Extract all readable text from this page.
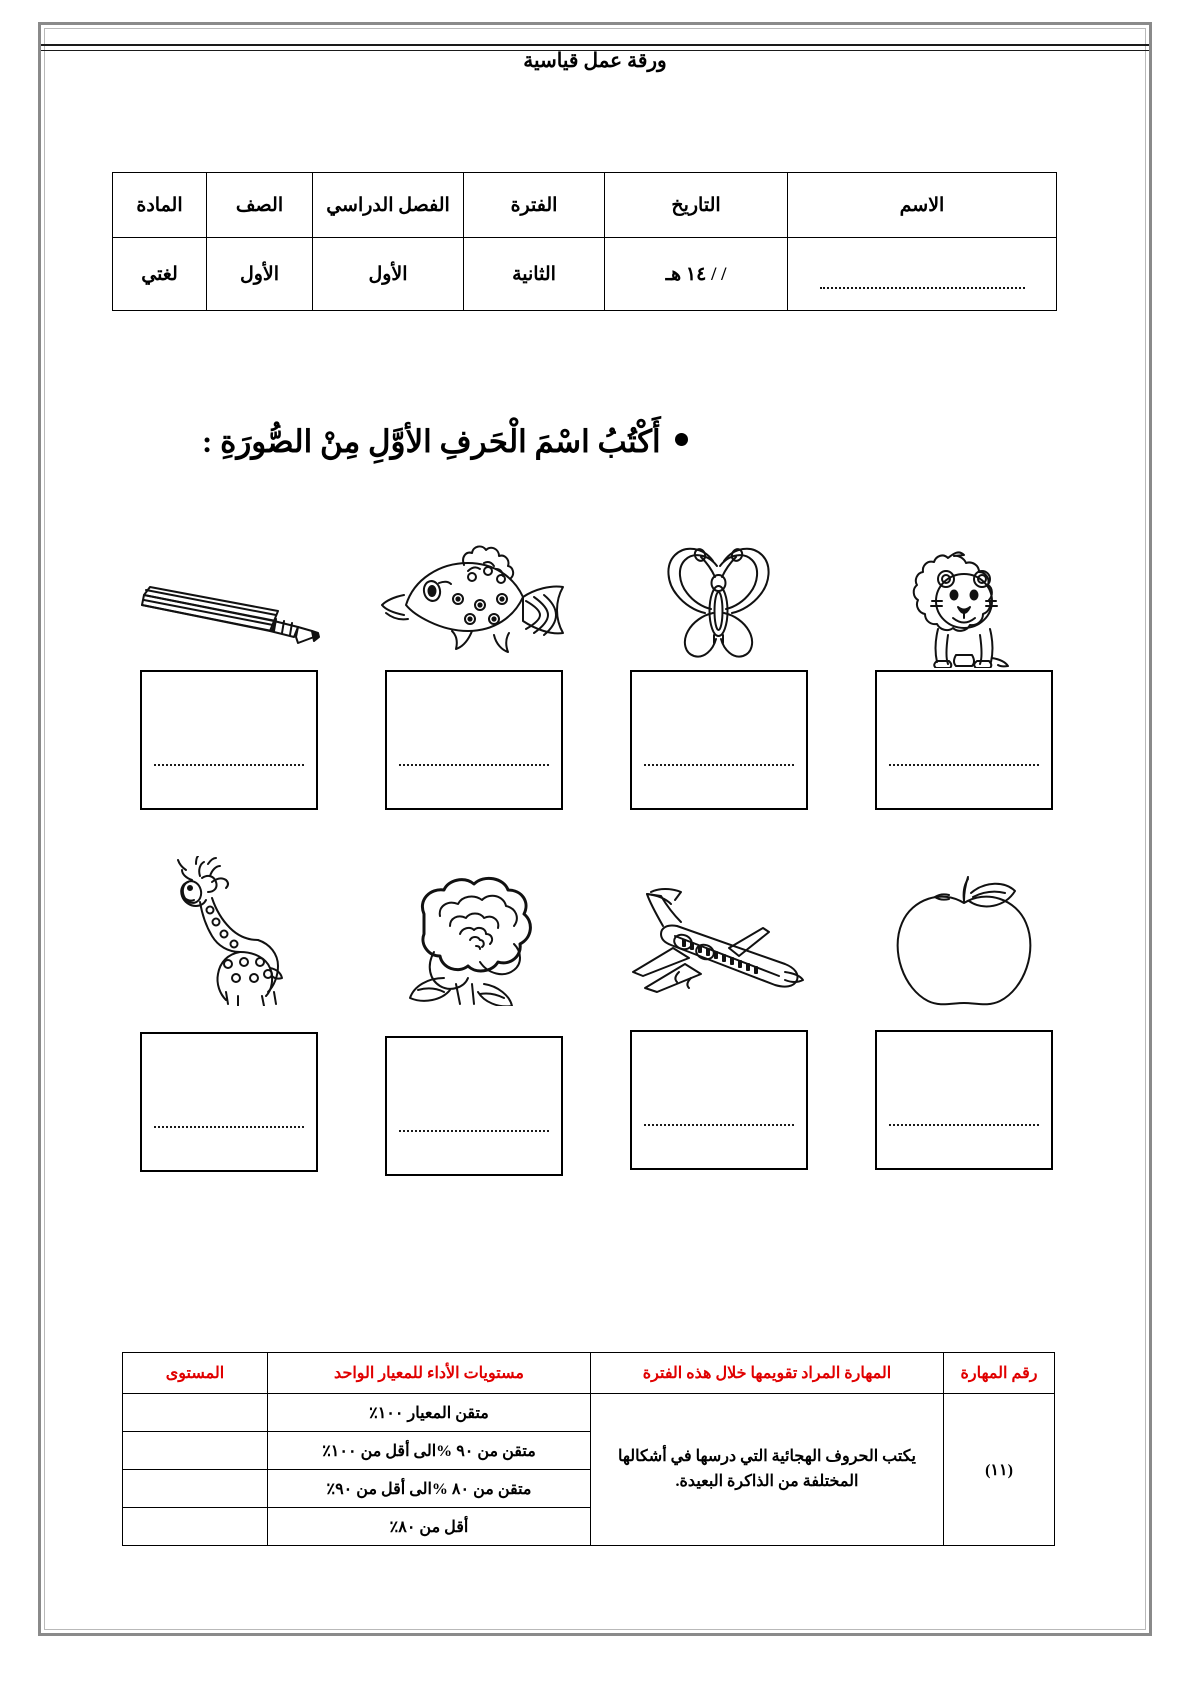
ورقة عمل قياسية
الاسم	التاريخ	الفترة	الفصل الدراسي	الصف	المادة

	/ / ١٤ هـ	الثانية	الأول	الأول	لغتي
أَكْتُبُ اسْمَ الْحَرفِ الأوَّلِ مِنْ الصُّورَةِ :
رقم المهارة	المهارة المراد تقويمها خلال هذه الفترة	مستويات الأداء للمعيار الواحد	المستوى
(١١)	يكتب الحروف الهجائية التي درسها في أشكالها المختلفة من الذاكرة البعيدة.	متقن المعيار ١٠٠٪	
		متقن من ٩٠ %الى أقل من ١٠٠٪	
		متقن من ٨٠ %الى أقل من ٩٠٪	
		أقل من ٨٠٪	
